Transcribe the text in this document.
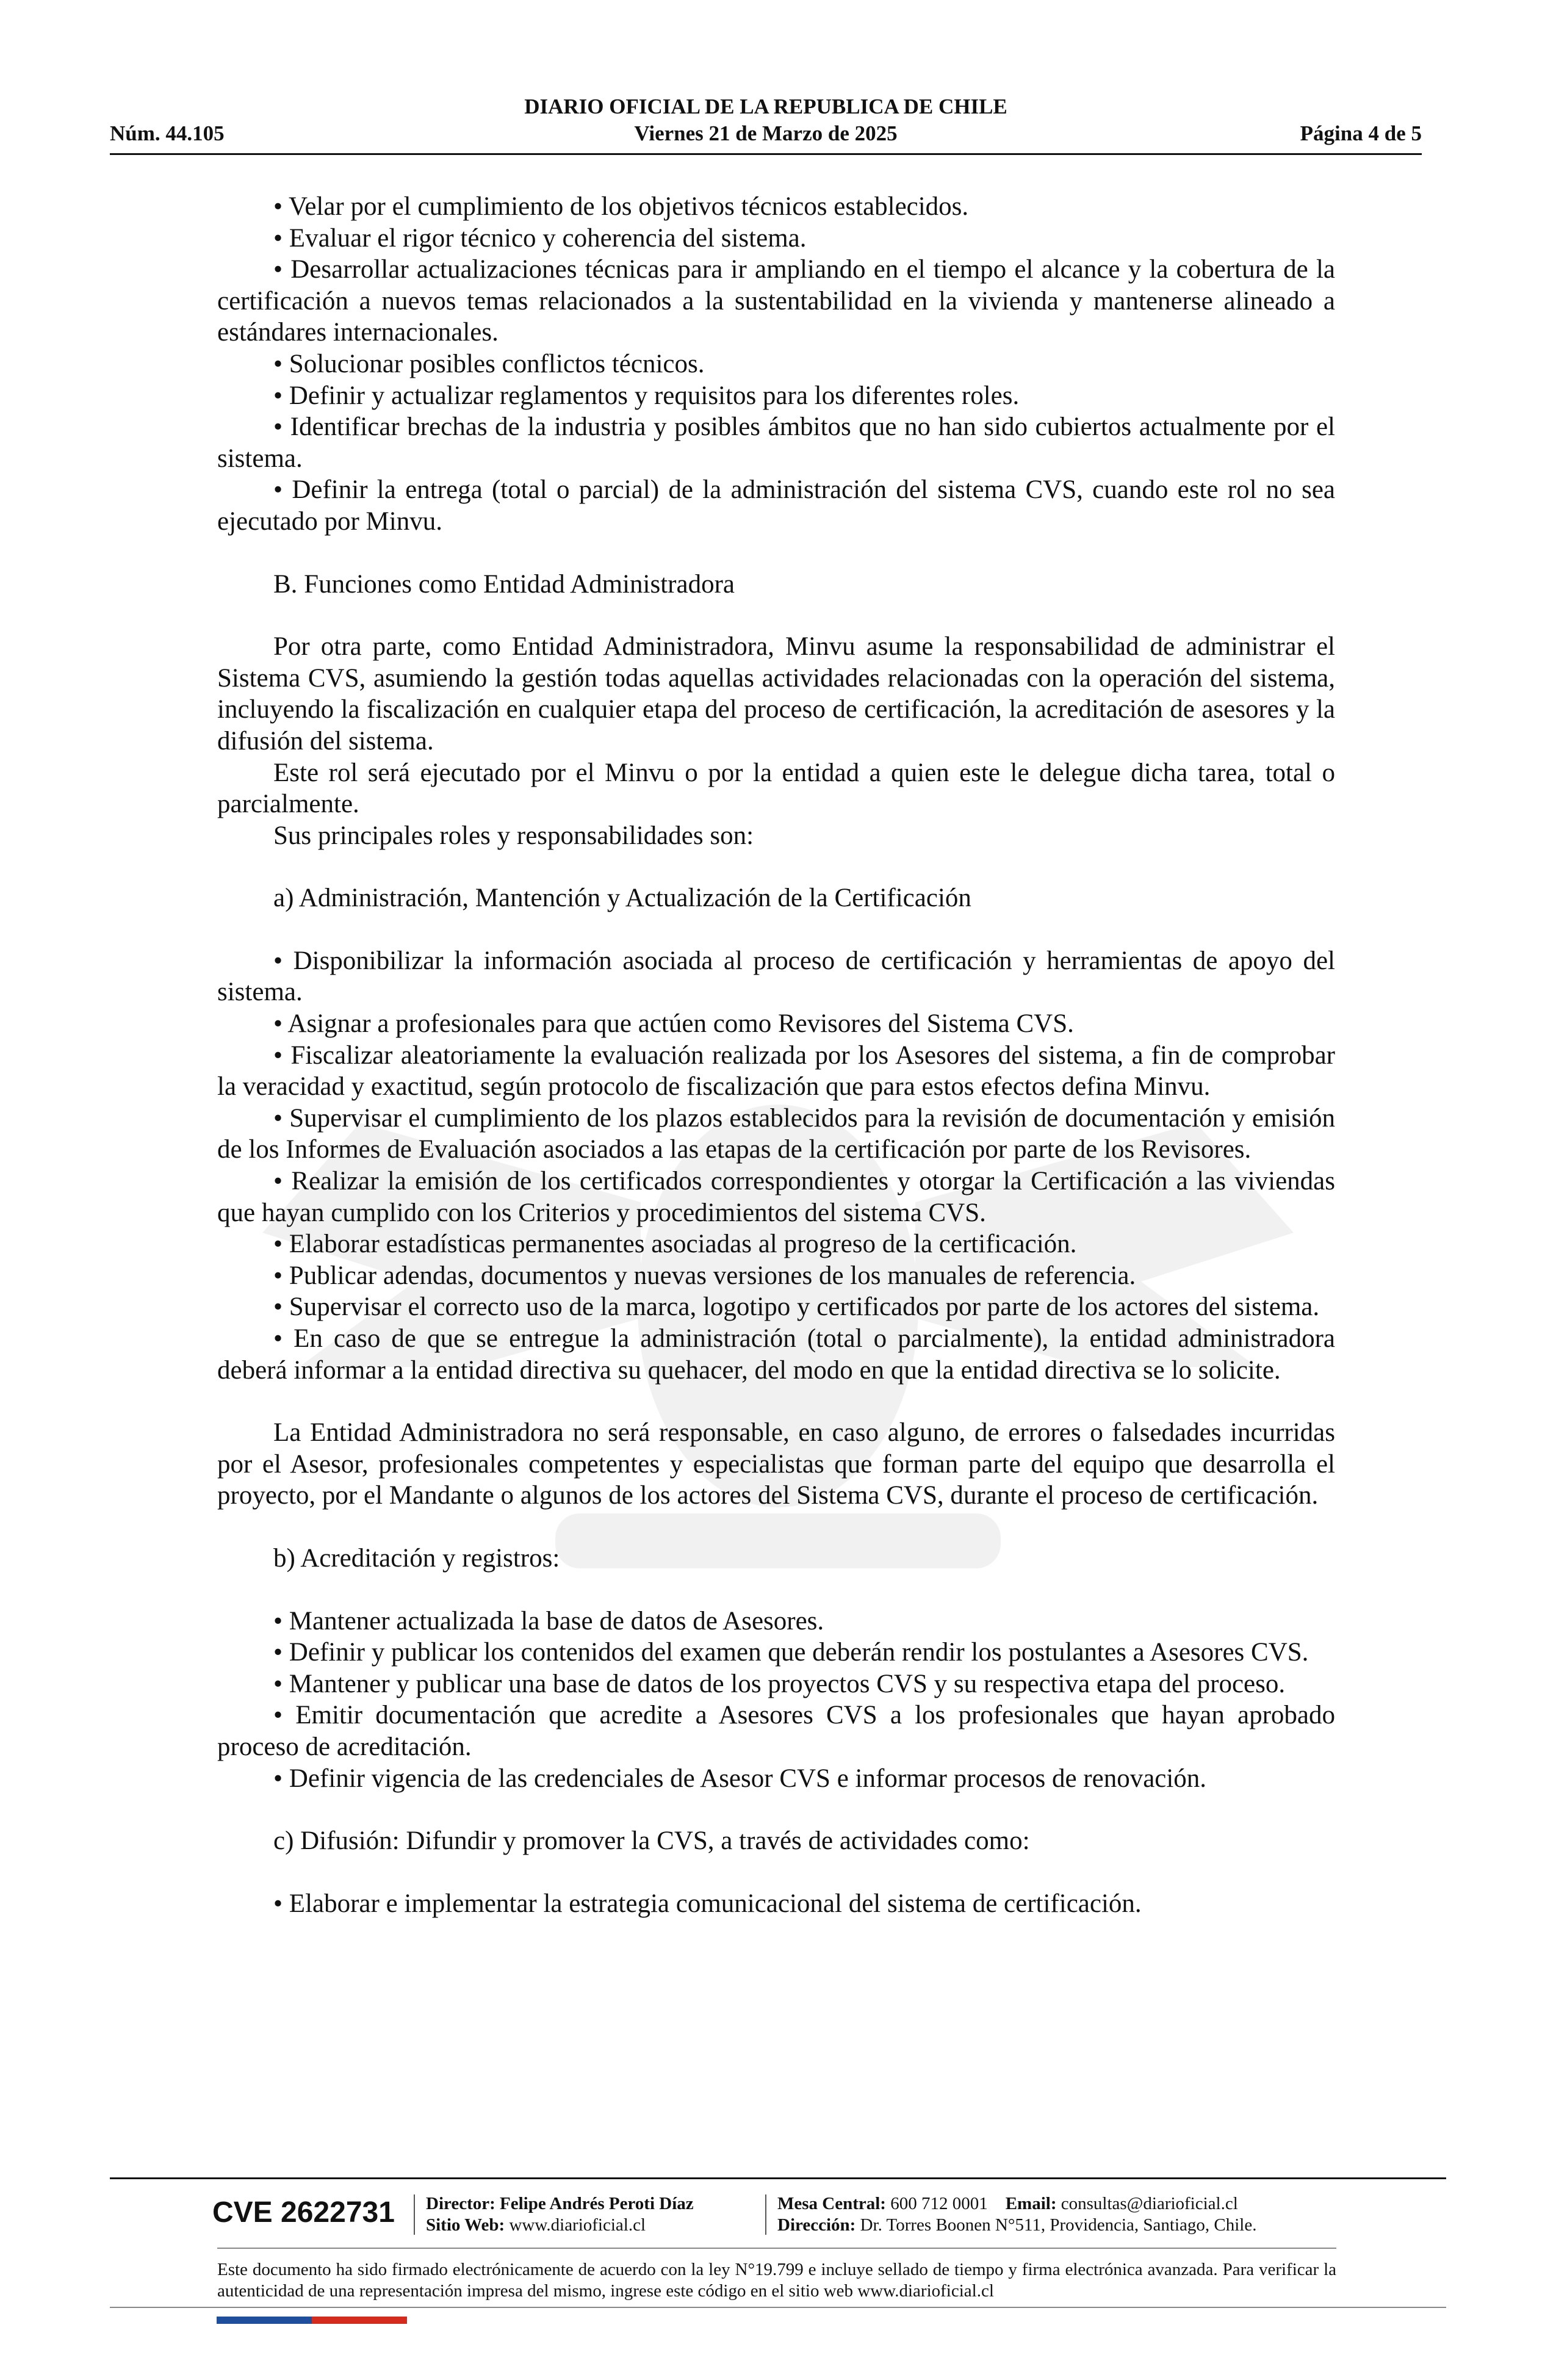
DIARIO OFICIAL DE LA REPUBLICA DE CHILE
Núm. 44.105	Viernes 21 de Marzo de 2025	Página 4 de 5

• Velar por el cumplimiento de los objetivos técnicos establecidos.

• Evaluar el rigor técnico y coherencia del sistema.

• Desarrollar actualizaciones técnicas para ir ampliando en el tiempo el alcance y la cobertura de la certificación a nuevos temas relacionados a la sustentabilidad en la vivienda y mantenerse alineado a estándares internacionales.

• Solucionar posibles conflictos técnicos.

• Definir y actualizar reglamentos y requisitos para los diferentes roles.

• Identificar brechas de la industria y posibles ámbitos que no han sido cubiertos actualmente por el sistema.

• Definir la entrega (total o parcial) de la administración del sistema CVS, cuando este rol no sea ejecutado por Minvu.

B. Funciones como Entidad Administradora

Por otra parte, como Entidad Administradora, Minvu asume la responsabilidad de administrar el Sistema CVS, asumiendo la gestión todas aquellas actividades relacionadas con la operación del sistema, incluyendo la fiscalización en cualquier etapa del proceso de certificación, la acreditación de asesores y la difusión del sistema.

Este rol será ejecutado por el Minvu o por la entidad a quien este le delegue dicha tarea, total o parcialmente.

Sus principales roles y responsabilidades son:

a) Administración, Mantención y Actualización de la Certificación

• Disponibilizar la información asociada al proceso de certificación y herramientas de apoyo del sistema.

• Asignar a profesionales para que actúen como Revisores del Sistema CVS.

• Fiscalizar aleatoriamente la evaluación realizada por los Asesores del sistema, a fin de comprobar la veracidad y exactitud, según protocolo de fiscalización que para estos efectos defina Minvu.

• Supervisar el cumplimiento de los plazos establecidos para la revisión de documentación y emisión de los Informes de Evaluación asociados a las etapas de la certificación por parte de los Revisores.

• Realizar la emisión de los certificados correspondientes y otorgar la Certificación a las viviendas que hayan cumplido con los Criterios y procedimientos del sistema CVS.

• Elaborar estadísticas permanentes asociadas al progreso de la certificación.

• Publicar adendas, documentos y nuevas versiones de los manuales de referencia.

• Supervisar el correcto uso de la marca, logotipo y certificados por parte de los actores del sistema.

• En caso de que se entregue la administración (total o parcialmente), la entidad administradora deberá informar a la entidad directiva su quehacer, del modo en que la entidad directiva se lo solicite.

La Entidad Administradora no será responsable, en caso alguno, de errores o falsedades incurridas por el Asesor, profesionales competentes y especialistas que forman parte del equipo que desarrolla el proyecto, por el Mandante o algunos de los actores del Sistema CVS, durante el proceso de certificación.

b) Acreditación y registros:

• Mantener actualizada la base de datos de Asesores.

• Definir y publicar los contenidos del examen que deberán rendir los postulantes a Asesores CVS.

• Mantener y publicar una base de datos de los proyectos CVS y su respectiva etapa del proceso.

• Emitir documentación que acredite a Asesores CVS a los profesionales que hayan aprobado proceso de acreditación.

• Definir vigencia de las credenciales de Asesor CVS e informar procesos de renovación.

c) Difusión: Difundir y promover la CVS, a través de actividades como:

• Elaborar e implementar la estrategia comunicacional del sistema de certificación.

CVE 2622731 Director: Felipe Andrés Peroti Díaz
Sitio Web: www.diarioficial.cl
Mesa Central: 600 712 0001 Email: consultas@diarioficial.cl
Dirección: Dr. Torres Boonen N°511, Providencia, Santiago, Chile.
Este documento ha sido firmado electrónicamente de acuerdo con la ley N°19.799 e incluye sellado de tiempo y firma electrónica avanzada. Para verificar la autenticidad de una representación impresa del mismo, ingrese este código en el sitio web www.diarioficial.cl
